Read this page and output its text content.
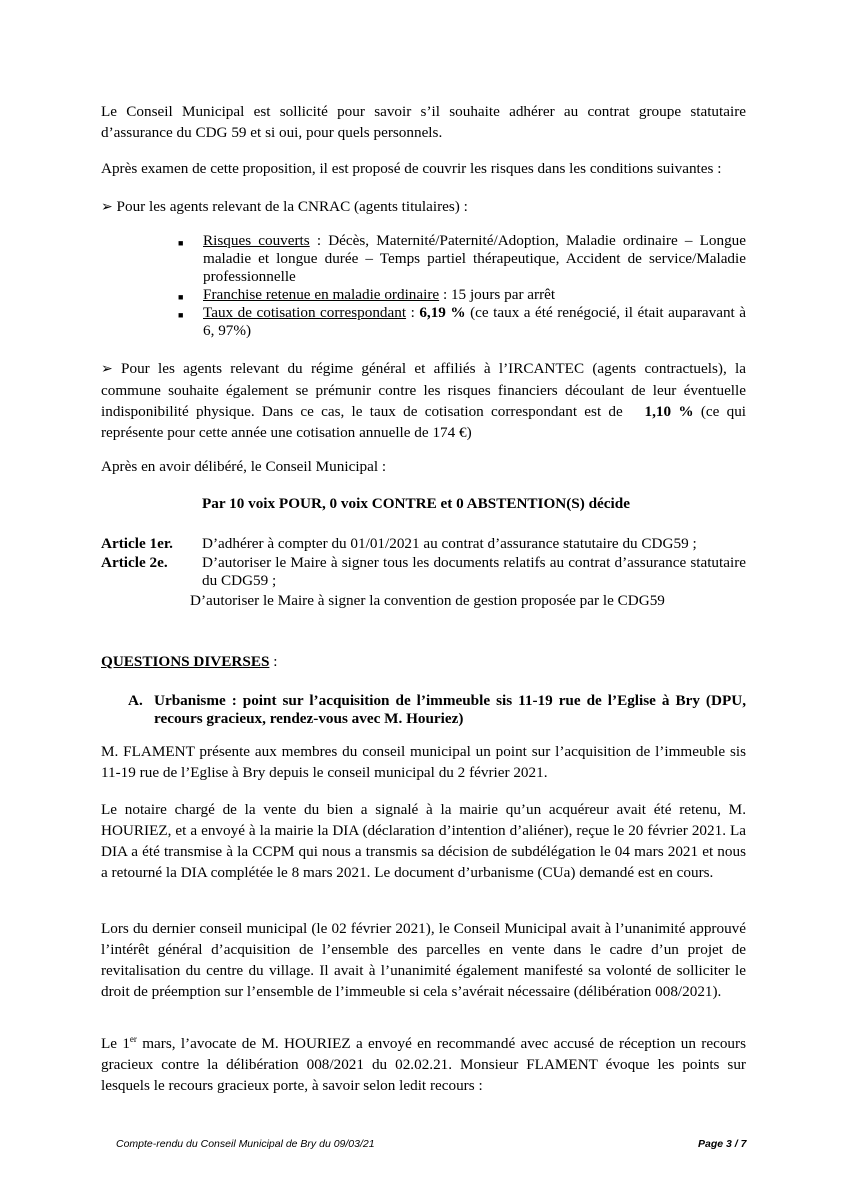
Le Conseil Municipal est sollicité pour savoir s’il souhaite adhérer au contrat groupe statutaire d’assurance du CDG 59 et si oui, pour quels personnels.
Après examen de cette proposition, il est proposé de couvrir les risques dans les conditions suivantes :
➢ Pour les agents relevant de la CNRAC (agents titulaires) :
■ Risques couverts : Décès, Maternité/Paternité/Adoption, Maladie ordinaire – Longue maladie et longue durée – Temps partiel thérapeutique, Accident de service/Maladie professionnelle
■ Franchise retenue en maladie ordinaire : 15 jours par arrêt
■ Taux de cotisation correspondant : 6,19 % (ce taux a été renégocié, il était auparavant à 6, 97%)
➢ Pour les agents relevant du régime général et affiliés à l’IRCANTEC (agents contractuels), la commune souhaite également se prémunir contre les risques financiers découlant de leur éventuelle indisponibilité physique. Dans ce cas, le taux de cotisation correspondant est de   1,10 % (ce qui représente pour cette année une cotisation annuelle de 174 €)
Après en avoir délibéré, le Conseil Municipal :
Par 10 voix POUR, 0 voix CONTRE et 0 ABSTENTION(S) décide
Article 1er. D’adhérer à compter du 01/01/2021 au contrat d’assurance statutaire du CDG59 ;
Article 2e. D’autoriser le Maire à signer tous les documents relatifs au contrat d’assurance statutaire du CDG59 ;
D’autoriser le Maire à signer la convention de gestion proposée par le CDG59
QUESTIONS DIVERSES :
A. Urbanisme : point sur l’acquisition de l’immeuble sis 11-19 rue de l’Eglise à Bry (DPU, recours gracieux, rendez-vous avec M. Houriez)
M. FLAMENT présente aux membres du conseil municipal un point sur l’acquisition de l’immeuble sis 11-19 rue de l’Eglise à Bry depuis le conseil municipal du 2 février 2021.
Le notaire chargé de la vente du bien a signalé à la mairie qu’un acquéreur avait été retenu, M. HOURIEZ, et a envoyé à la mairie la DIA (déclaration d’intention d’aliéner), reçue le 20 février 2021. La DIA a été transmise à la CCPM qui nous a transmis sa décision de subdélégation le 04 mars 2021 et nous a retourné la DIA complétée le 8 mars 2021. Le document d’urbanisme (CUa) demandé est en cours.
Lors du dernier conseil municipal (le 02 février 2021), le Conseil Municipal avait à l’unanimité approuvé l’intérêt général d’acquisition de l’ensemble des parcelles en vente dans le cadre d’un projet de revitalisation du centre du village. Il avait à l’unanimité également manifesté sa volonté de solliciter le droit de préemption sur l’ensemble de l’immeuble si cela s’avérait nécessaire (délibération 008/2021).
Le 1er mars, l’avocate de M. HOURIEZ a envoyé en recommandé avec accusé de réception un recours gracieux contre la délibération 008/2021 du 02.02.21. Monsieur FLAMENT évoque les points sur lesquels le recours gracieux porte, à savoir selon ledit recours :
Compte-rendu du Conseil Municipal de Bry du 09/03/21	Page 3 / 7
